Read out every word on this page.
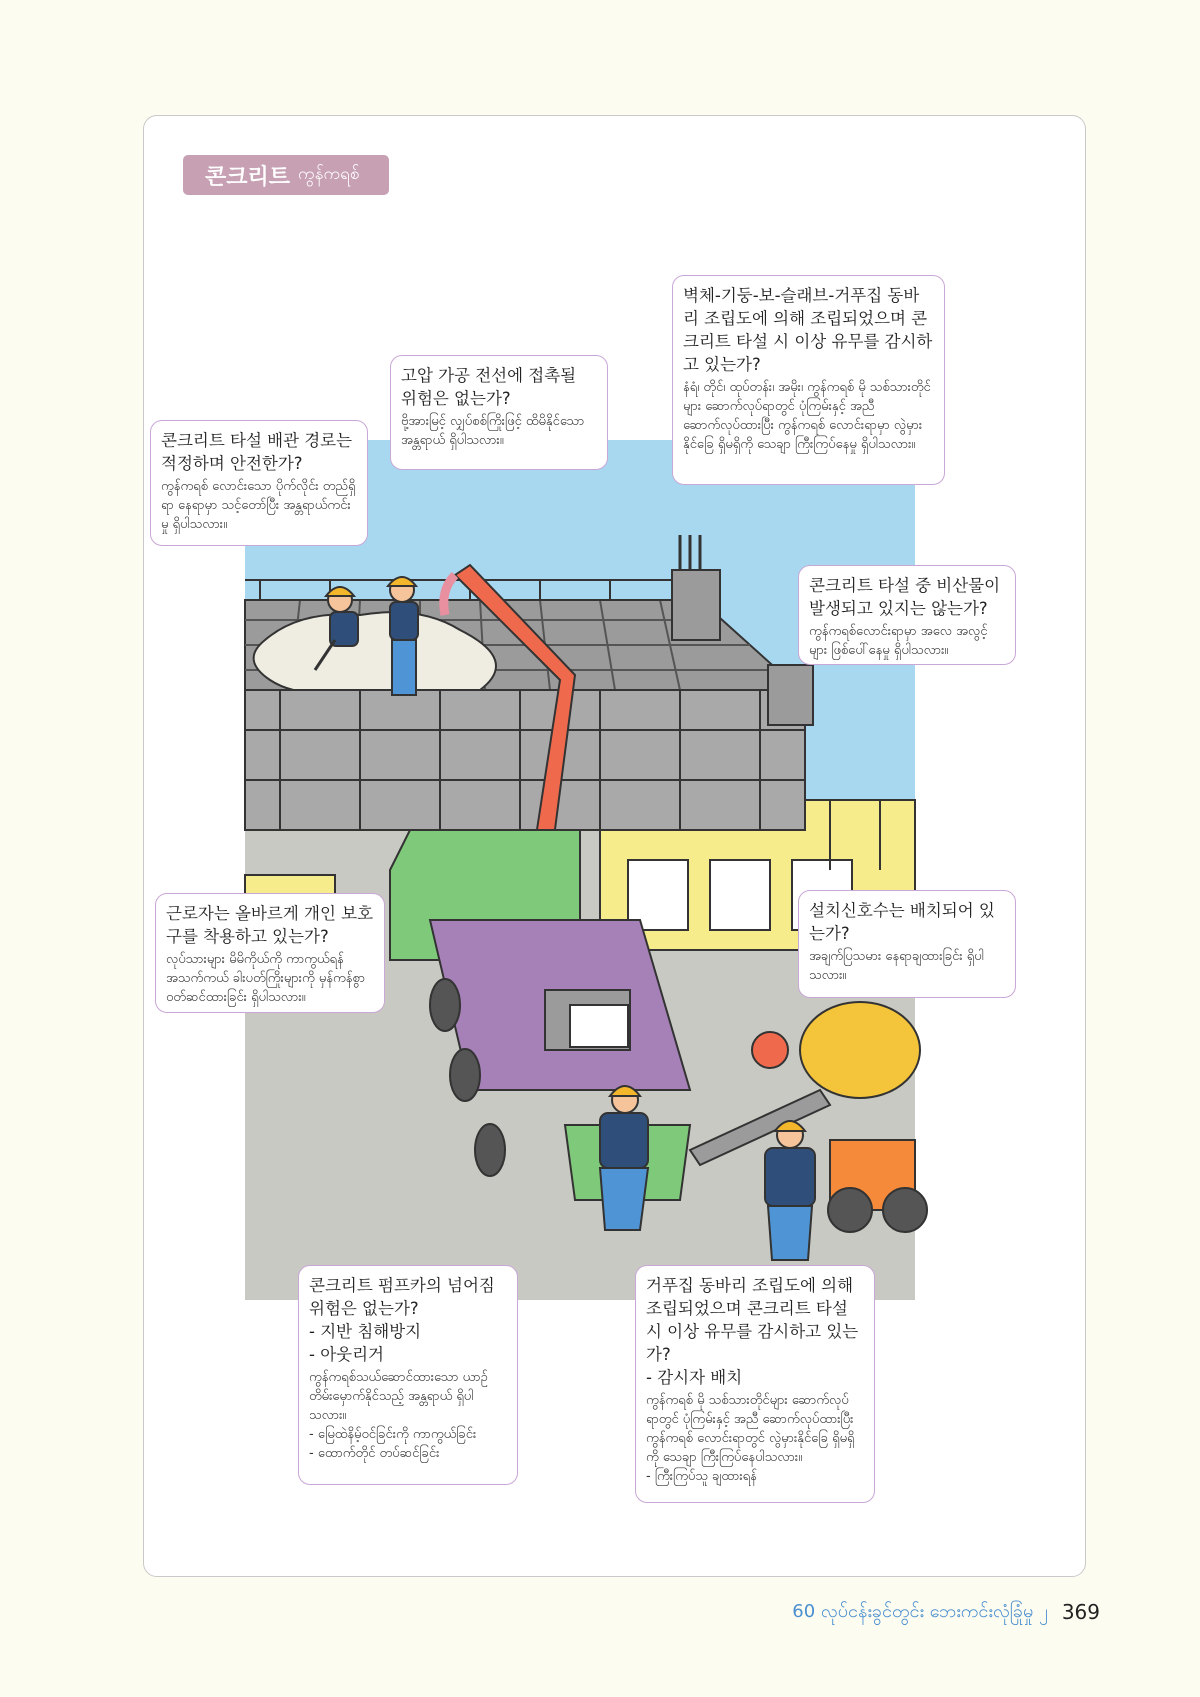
콘크리트 ကွန်ကရစ်
콘크리트 타설 배관 경로는 적정하며 안전한가?
ကွန်ကရစ် လောင်းသော ပိုက်လိုင်း တည်ရှိရာ နေရာမှာ သင့်တော်ပြီး အန္တရာယ်ကင်းမှု ရှိပါသလား။
고압 가공 전선에 접촉될 위험은 없는가?
ဗို့အားမြင့် လျှပ်စစ်ကြိုးဖြင့် ထိမိနိုင်သော အန္တရာယ် ရှိပါသလား။
벽체-기둥-보-슬래브-거푸집 동바리 조립도에 의해 조립되었으며 콘크리트 타설 시 이상 유무를 감시하고 있는가?
နံရံ၊ တိုင်၊ ထုပ်တန်း၊ အမိုး၊ ကွန်ကရစ် မို သစ်သားတိုင်များ ဆောက်လုပ်ရာတွင် ပုံကြမ်းနှင့် အညီ ဆောက်လုပ်ထားပြီး ကွန်ကရစ် လောင်းရာမှာ လွဲမှားနိုင်ခြေ ရှိမရှိကို သေချာ ကြီးကြပ်နေမှု ရှိပါသလား။
콘크리트 타설 중 비산물이 발생되고 있지는 않는가?
ကွန်ကရစ်လောင်းရာမှာ အလေ အလွင့်များ ဖြစ်ပေါ်နေမှု ရှိပါသလား။
근로자는 올바르게 개인 보호구를 착용하고 있는가?
လုပ်သားများ မိမိကိုယ်ကို ကာကွယ်ရန် အသက်ကယ် ခါးပတ်ကြိုးများကို မှန်ကန်စွာ ဝတ်ဆင်ထားခြင်း ရှိပါသလား။
설치신호수는 배치되어 있는가?
အချက်ပြသမား နေရာချထားခြင်း ရှိပါသလား။
콘크리트 펌프카의 넘어짐 위험은 없는가?
- 지반 침해방지
- 아웃리거
ကွန်ကရစ်သယ်ဆောင်ထားသော ယာဉ် တိမ်းမှောက်နိုင်သည့် အန္တရာယ် ရှိပါသလား။
- မြေထဲနိမ့်ဝင်ခြင်းကို ကာကွယ်ခြင်း
- ထောက်တိုင် တပ်ဆင်ခြင်း
거푸집 동바리 조립도에 의해 조립되었으며 콘크리트 타설 시 이상 유무를 감시하고 있는가?
- 감시자 배치
ကွန်ကရစ် မို သစ်သားတိုင်များ ဆောက်လုပ်ရာတွင် ပုံကြမ်းနှင့် အညီ ဆောက်လုပ်ထားပြီး ကွန်ကရစ် လောင်းရာတွင် လွဲမှားနိုင်ခြေ ရှိမရှိကို သေချာ ကြီးကြပ်နေပါသလား။
- ကြီးကြပ်သူ ချထားရန်
60 လုပ်ငန်းခွင်တွင်း ဘေးကင်းလုံခြုံမှု ၂ 369
